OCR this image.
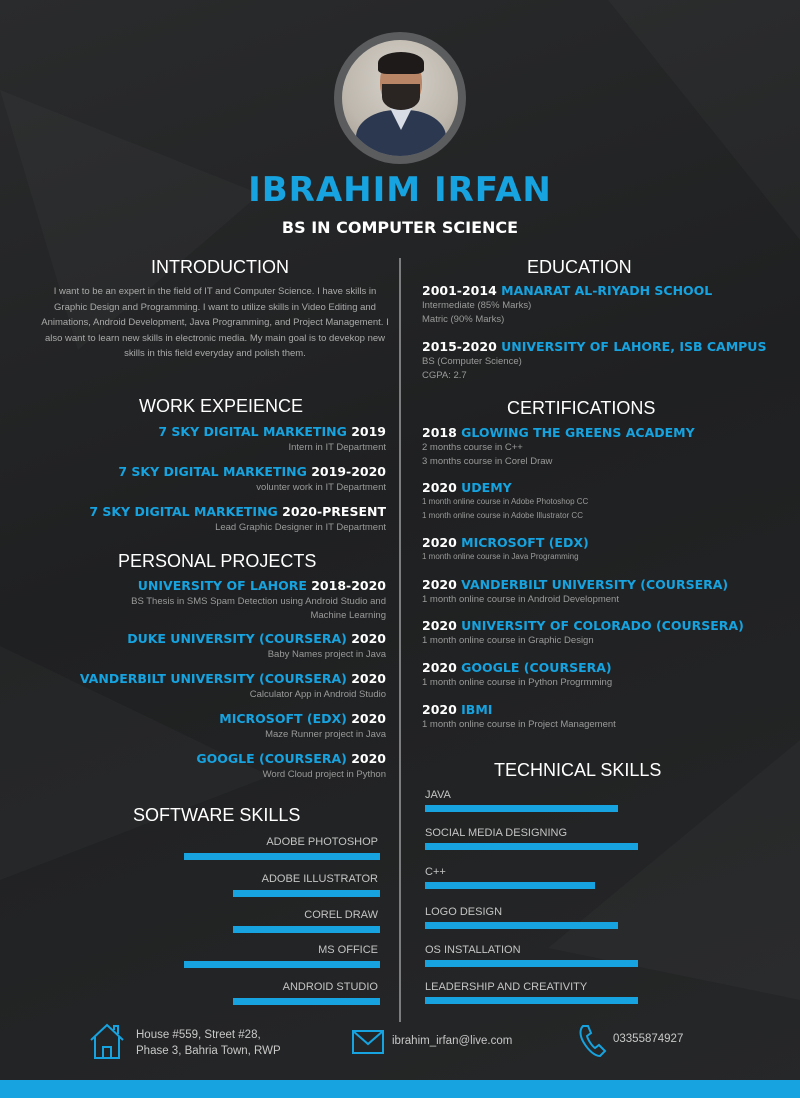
IBRAHIM IRFAN
BS IN COMPUTER SCIENCE
INTRODUCTION
I want to be an expert in the field of IT and Computer Science. I have skills in Graphic Design and Programming. I want to utilize skills in Video Editing and Animations, Android Development, Java Programming, and Project Management. I also want to learn new skills in electronic media. My main goal is to devekop new skills in this field everyday and polish them.
WORK EXPEIENCE
7 SKY DIGITAL MARKETING 2019
Intern in IT Department
7 SKY DIGITAL MARKETING 2019-2020
volunter work in IT Department
7 SKY DIGITAL MARKETING 2020-PRESENT
Lead Graphic Designer in IT Department
PERSONAL PROJECTS
UNIVERSITY OF LAHORE 2018-2020
BS Thesis in SMS Spam Detection using Android Studio and
Machine Learning
DUKE UNIVERSITY (COURSERA) 2020
Baby Names project in Java
VANDERBILT UNIVERSITY (COURSERA) 2020
Calculator App in Android Studio
MICROSOFT (EDX) 2020
Maze Runner project in Java
GOOGLE (COURSERA) 2020
Word Cloud project in Python
SOFTWARE SKILLS
ADOBE PHOTOSHOP
ADOBE ILLUSTRATOR
COREL DRAW
MS OFFICE
ANDROID STUDIO
EDUCATION
2001-2014 MANARAT AL-RIYADH SCHOOL
Intermediate (85% Marks)
Matric (90% Marks)
2015-2020 UNIVERSITY OF LAHORE, ISB CAMPUS
BS (Computer Science)
CGPA: 2.7
CERTIFICATIONS
2018 GLOWING THE GREENS ACADEMY
2 months course in C++
3 months course in Corel Draw
2020 UDEMY
1 month online course in Adobe Photoshop CC
1 month online course in Adobe Illustrator CC
2020 MICROSOFT (EDX)
1 month online course in Java Programming
2020 VANDERBILT UNIVERSITY (COURSERA)
1 month online course in Android Development
2020 UNIVERSITY OF COLORADO (COURSERA)
1 month online course in Graphic Design
2020 GOOGLE (COURSERA)
1 month online course in Python Progrmming
2020 IBMI
1 month online course in Project Management
TECHNICAL SKILLS
JAVA
SOCIAL MEDIA DESIGNING
C++
LOGO DESIGN
OS INSTALLATION
LEADERSHIP AND CREATIVITY
House #559, Street #28,
Phase 3, Bahria Town, RWP
ibrahim_irfan@live.com	03355874927
